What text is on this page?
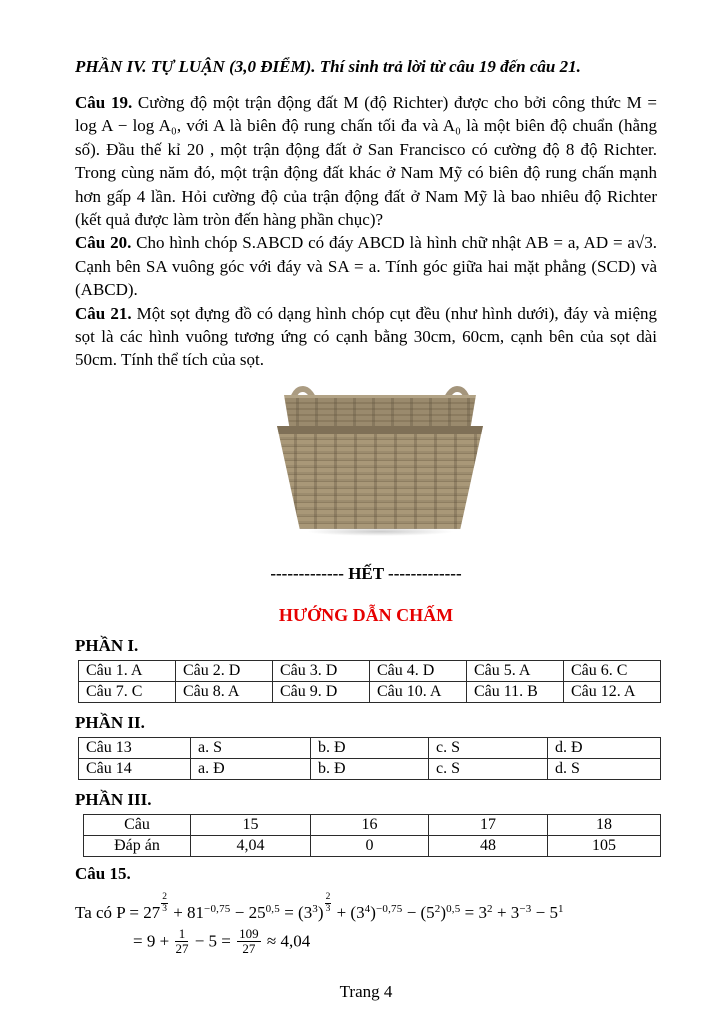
PHẦN IV. TỰ LUẬN (3,0 ĐIỂM). Thí sinh trả lời từ câu 19 đến câu 21.

Câu 19. Cường độ một trận động đất M (độ Richter) được cho bởi công thức M = log A − log A₀, với A là biên độ rung chấn tối đa và A₀ là một biên độ chuẩn (hằng số). Đầu thế kỉ 20 , một trận động đất ở San Francisco có cường độ 8 độ Richter. Trong cùng năm đó, một trận động đất khác ở Nam Mỹ có biên độ rung chấn mạnh hơn gấp 4 lần. Hỏi cường độ của trận động đất ở Nam Mỹ là bao nhiêu độ Richter (kết quả được làm tròn đến hàng phần chục)?

Câu 20. Cho hình chóp S.ABCD có đáy ABCD là hình chữ nhật AB = a, AD = a√3. Cạnh bên SA vuông góc với đáy và SA = a. Tính góc giữa hai mặt phẳng (SCD) và (ABCD).

Câu 21. Một sọt đựng đồ có dạng hình chóp cụt đều (như hình dưới), đáy và miệng sọt là các hình vuông tương ứng có cạnh bằng 30cm, 60cm, cạnh bên của sọt dài 50cm. Tính thể tích của sọt.

------------- HẾT -------------
HƯỚNG DẪN CHẤM
PHẦN I.
Câu 1. A	Câu 2. D	Câu 3. D	Câu 4. D	Câu 5. A	Câu 6. C
Câu 7. C	Câu 8. A	Câu 9. D	Câu 10. A	Câu 11. B	Câu 12. A
PHẦN II.
Câu 13	a. S	b. Đ	c. S	d. Đ
Câu 14	a. Đ	b. Đ	c. S	d. S
PHẦN III.
Câu	15	16	17	18
Đáp án	4,04	0	48	105
Câu 15.
Ta có $P = 27 \frac{2}{3} + 81^{-0,75} - 25^{0,5} = (3^3) \frac{2}{3} + (3^4)^{-0,75} - (5^2)^{0,5} = 3^2 + 3^{-3} - 5^1$
= $9 + \frac{1}{27} - 5 = \frac{109}{27} \approx 4,04$
Trang 4
